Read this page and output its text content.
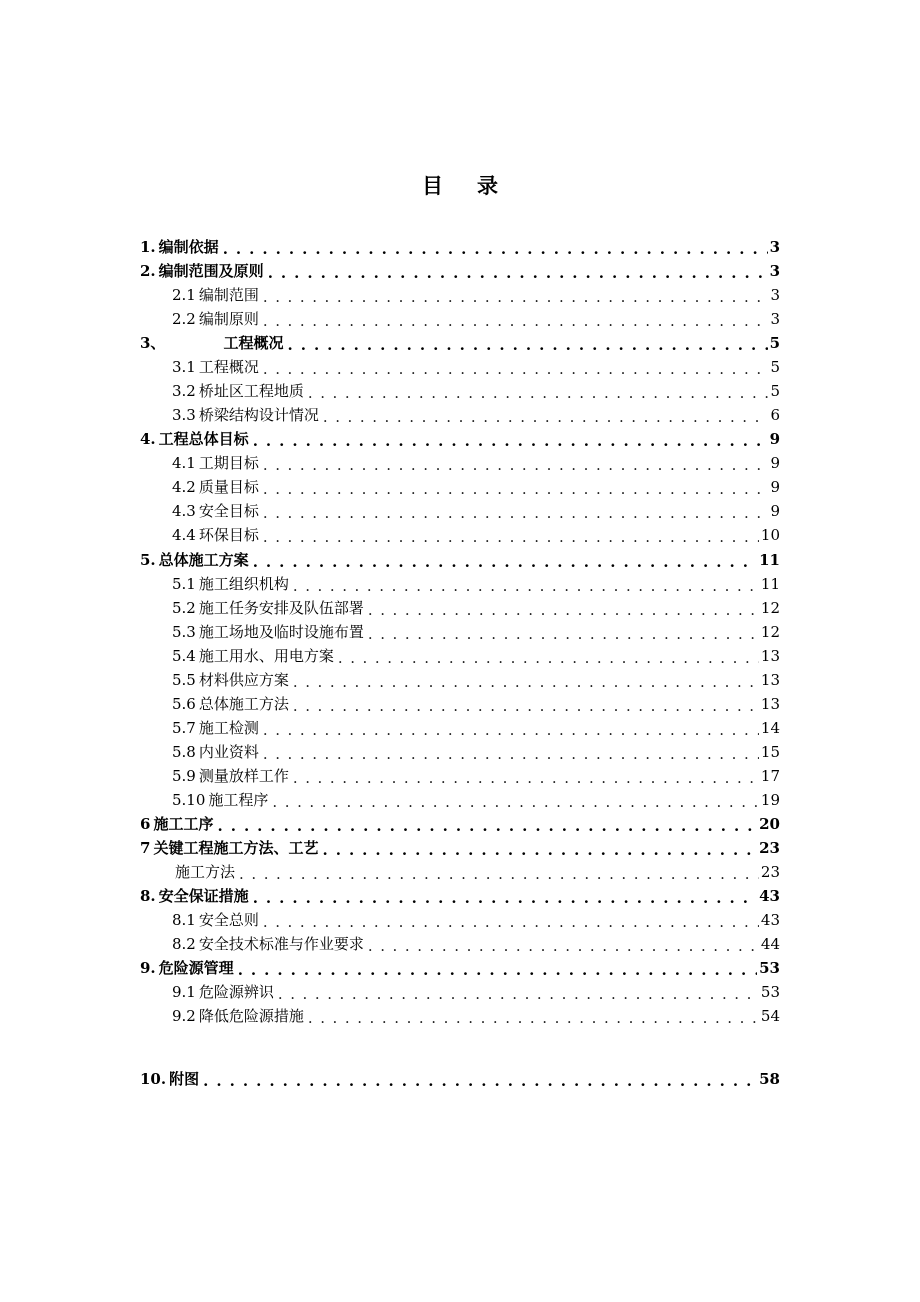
目 录
1. 编制依据 . . .	3
2. 编制范围及原则 . . .	3
2.1 编制范围 . . .	3
2.2 编制原则 . . .	3
3、	工程概况 . . .	5
3.1 工程概况 . . .	5
3.2 桥址区工程地质 . . .	5
3.3 桥梁结构设计情况 . . .	6
4. 工程总体目标 . . .	9
4.1 工期目标 . . .	9
4.2 质量目标 . . .	9
4.3 安全目标 . . .	9
4.4 环保目标 . . .	10
5. 总体施工方案 . . .	11
5.1 施工组织机构 . . .	11
5.2 施工任务安排及队伍部署 . . .	12
5.3 施工场地及临时设施布置 . . .	12
5.4 施工用水、用电方案 . . .	13
5.5 材料供应方案 . . .	13
5.6 总体施工方法 . . .	13
5.7 施工检测 . . .	14
5.8 内业资料 . . .	15
5.9 测量放样工作 . . .	17
5.10 施工程序 . . .	19
6 施工工序 . . .	20
7 关键工程施工方法、工艺 . . .	23
施工方法 . . .	23
8. 安全保证措施 . . .	43
8.1 安全总则 . . .	43
8.2 安全技术标准与作业要求 . . .	44
9. 危险源管理 . . .	53
9.1 危险源辨识 . . .	53
9.2 降低危险源措施 . . .	54
10. 附图 . . .	58
